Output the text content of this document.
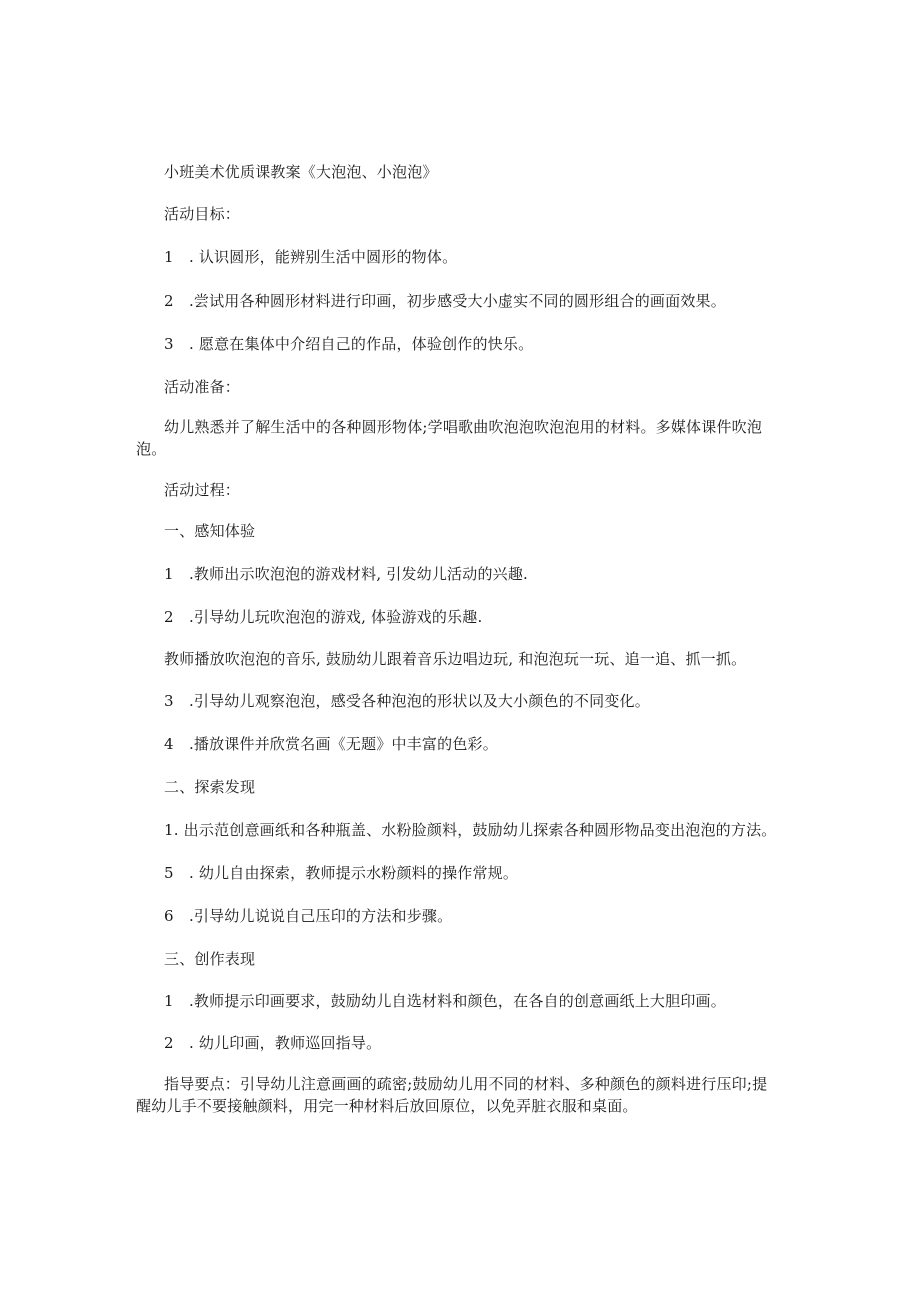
小班美术优质课教案《大泡泡、小泡泡》
活动目标：
1　. 认识圆形，能辨别生活中圆形的物体。
2　.尝试用各种圆形材料进行印画，初步感受大小虚实不同的圆形组合的画面效果。
3　. 愿意在集体中介绍自己的作品，体验创作的快乐。
活动准备：
幼儿熟悉并了解生活中的各种圆形物体;学唱歌曲吹泡泡吹泡泡用的材料。多媒体课件吹泡泡。
活动过程：
一、感知体验
1　.教师出示吹泡泡的游戏材料, 引发幼儿活动的兴趣.
2　.引导幼儿玩吹泡泡的游戏, 体验游戏的乐趣.
教师播放吹泡泡的音乐, 鼓励幼儿跟着音乐边唱边玩, 和泡泡玩一玩、追一追、抓一抓。
3　.引导幼儿观察泡泡，感受各种泡泡的形状以及大小颜色的不同变化。
4　.播放课件并欣赏名画《无题》中丰富的色彩。
二、探索发现
1. 出示范创意画纸和各种瓶盖、水粉脸颜料，鼓励幼儿探索各种圆形物品变出泡泡的方法。
5　. 幼儿自由探索，教师提示水粉颜料的操作常规。
6　.引导幼儿说说自己压印的方法和步骤。
三、创作表现
1　.教师提示印画要求，鼓励幼儿自选材料和颜色，在各自的创意画纸上大胆印画。
2　. 幼儿印画，教师巡回指导。
指导要点：引导幼儿注意画画的疏密;鼓励幼儿用不同的材料、多种颜色的颜料进行压印;提醒幼儿手不要接触颜料，用完一种材料后放回原位，以免弄脏衣服和桌面。
